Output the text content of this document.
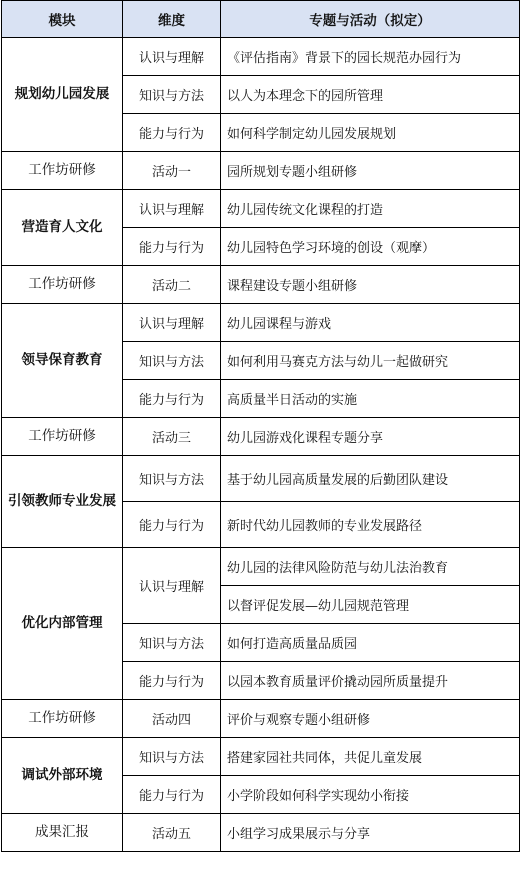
模块	维度	专题与活动（拟定）
规划幼儿园发展	认识与理解	《评估指南》背景下的园长规范办园行为
	知识与方法	以人为本理念下的园所管理
	能力与行为	如何科学制定幼儿园发展规划
工作坊研修	活动一	园所规划专题小组研修
营造育人文化	认识与理解	幼儿园传统文化课程的打造
	能力与行为	幼儿园特色学习环境的创设（观摩）
工作坊研修	活动二	课程建设专题小组研修
领导保育教育	认识与理解	幼儿园课程与游戏
	知识与方法	如何利用马赛克方法与幼儿一起做研究
	能力与行为	高质量半日活动的实施
工作坊研修	活动三	幼儿园游戏化课程专题分享
引领教师专业发展	知识与方法	基于幼儿园高质量发展的后勤团队建设
	能力与行为	新时代幼儿园教师的专业发展路径
优化内部管理	认识与理解	幼儿园的法律风险防范与幼儿法治教育
		以督评促发展—幼儿园规范管理
	知识与方法	如何打造高质量品质园
	能力与行为	以园本教育质量评价撬动园所质量提升
工作坊研修	活动四	评价与观察专题小组研修
调试外部环境	知识与方法	搭建家园社共同体，共促儿童发展
	能力与行为	小学阶段如何科学实现幼小衔接
成果汇报	活动五	小组学习成果展示与分享
